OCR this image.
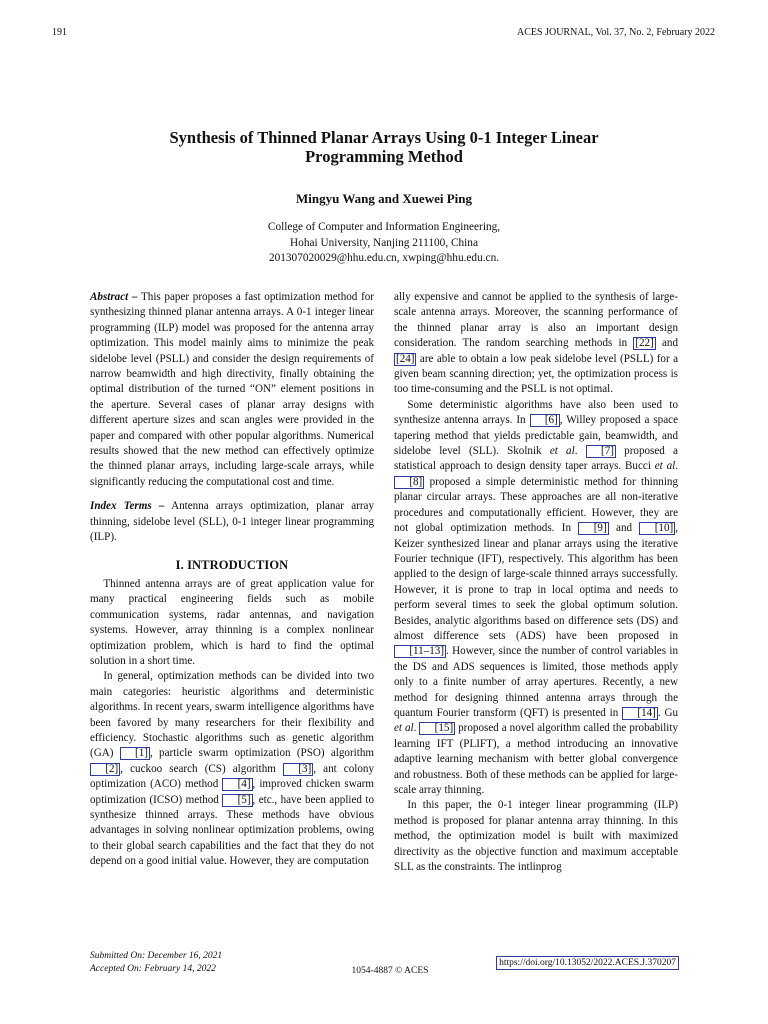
191	ACES JOURNAL, Vol. 37, No. 2, February 2022
Synthesis of Thinned Planar Arrays Using 0-1 Integer Linear
Programming Method
Mingyu Wang and Xuewei Ping
College of Computer and Information Engineering,
Hohai University, Nanjing 211100, China
201307020029@hhu.edu.cn, xwping@hhu.edu.cn.

Abstract – This paper proposes a fast optimization method for synthesizing thinned planar antenna arrays. A 0-1 integer linear programming (ILP) model was proposed for the antenna array optimization. This model mainly aims to minimize the peak sidelobe level (PSLL) and consider the design requirements of narrow beamwidth and high directivity, finally obtaining the optimal distribution of the turned “ON” element positions in the aperture. Several cases of planar array designs with different aperture sizes and scan angles were provided in the paper and compared with other popular algorithms. Numerical results showed that the new method can effectively optimize the thinned planar arrays, including large-scale arrays, while significantly reducing the computational cost and time.

Index Terms – Antenna arrays optimization, planar array thinning, sidelobe level (SLL), 0-1 integer linear programming (ILP).

I. INTRODUCTION

Thinned antenna arrays are of great application value for many practical engineering fields such as mobile communication systems, radar antennas, and navigation systems. However, array thinning is a complex nonlinear optimization problem, which is hard to find the optimal solution in a short time.

In general, optimization methods can be divided into two main categories: heuristic algorithms and deterministic algorithms. In recent years, swarm intelligence algorithms have been favored by many researchers for their flexibility and efficiency. Stochastic algorithms such as genetic algorithm (GA) [1] , particle swarm optimization (PSO) algorithm [2] , cuckoo search (CS) algorithm [3] , ant colony optimization (ACO) method [4] , improved chicken swarm optimization (ICSO) method [5] , etc., have been applied to synthesize thinned arrays. These methods have obvious advantages in solving nonlinear optimization problems, owing to their global search capabilities and the fact that they do not depend on a good initial value. However, they are computation

ally expensive and cannot be applied to the synthesis of large-scale antenna arrays. Moreover, the scanning performance of the thinned planar array is also an important design consideration. The random searching methods in [22] and [24] are able to obtain a low peak sidelobe level (PSLL) for a given beam scanning direction; yet, the optimization process is too time-consuming and the PSLL is not optimal.

Some deterministic algorithms have also been used to synthesize antenna arrays. In [6] , Willey proposed a space tapering method that yields predictable gain, beamwidth, and sidelobe level (SLL). Skolnik et al. [7] proposed a statistical approach to design density taper arrays. Bucci et al. [8] proposed a simple deterministic method for thinning planar circular arrays. These approaches are all non-iterative procedures and computationally efficient. However, they are not global optimization methods. In [9] and [10] , Keizer synthesized linear and planar arrays using the iterative Fourier technique (IFT), respectively. This algorithm has been applied to the design of large-scale thinned arrays successfully. However, it is prone to trap in local optima and needs to perform several times to seek the global optimum solution. Besides, analytic algorithms based on difference sets (DS) and almost difference sets (ADS) have been proposed in [11–13] . However, since the number of control variables in the DS and ADS sequences is limited, those methods apply only to a finite number of array apertures. Recently, a new method for designing thinned antenna arrays through the quantum Fourier transform (QFT) is presented in [14] . Gu et al. [15] proposed a novel algorithm called the probability learning IFT (PLIFT), a method introducing an innovative adaptive learning mechanism with better global convergence and robustness. Both of these methods can be applied for large-scale array thinning.

In this paper, the 0-1 integer linear programming (ILP) method is proposed for planar antenna array thinning. In this method, the optimization model is built with maximized directivity as the objective function and maximum acceptable SLL as the constraints. The intlinprog

Submitted On: December 16, 2021
Accepted On: February 14, 2022	1054-4887 © ACES
https://doi.org/10.13052/2022.ACES.J.370207
